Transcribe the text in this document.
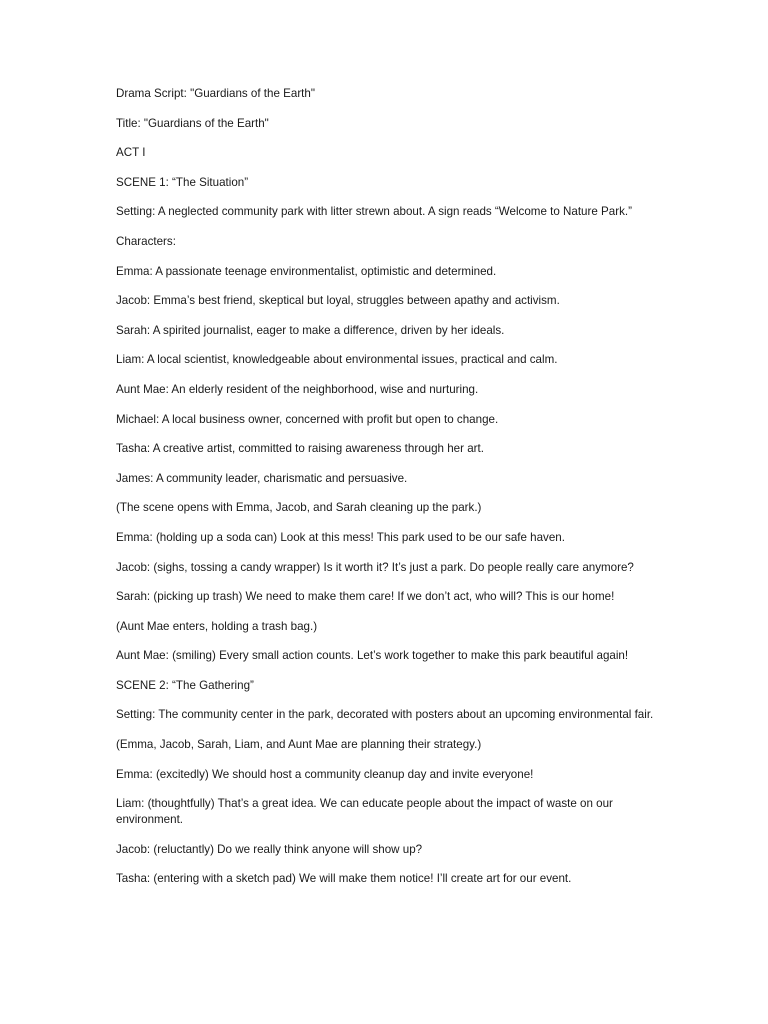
Drama Script: "Guardians of the Earth"

Title: "Guardians of the Earth"

ACT I

SCENE 1: “The Situation”

Setting: A neglected community park with litter strewn about. A sign reads “Welcome to Nature Park.”

Characters:

Emma: A passionate teenage environmentalist, optimistic and determined.

Jacob: Emma’s best friend, skeptical but loyal, struggles between apathy and activism.

Sarah: A spirited journalist, eager to make a difference, driven by her ideals.

Liam: A local scientist, knowledgeable about environmental issues, practical and calm.

Aunt Mae: An elderly resident of the neighborhood, wise and nurturing.

Michael: A local business owner, concerned with profit but open to change.

Tasha: A creative artist, committed to raising awareness through her art.

James: A community leader, charismatic and persuasive.

(The scene opens with Emma, Jacob, and Sarah cleaning up the park.)

Emma: (holding up a soda can) Look at this mess! This park used to be our safe haven.

Jacob: (sighs, tossing a candy wrapper) Is it worth it? It’s just a park. Do people really care anymore?

Sarah: (picking up trash) We need to make them care! If we don’t act, who will? This is our home!

(Aunt Mae enters, holding a trash bag.)

Aunt Mae: (smiling) Every small action counts. Let’s work together to make this park beautiful again!

SCENE 2: “The Gathering”

Setting: The community center in the park, decorated with posters about an upcoming environmental fair.

(Emma, Jacob, Sarah, Liam, and Aunt Mae are planning their strategy.)

Emma: (excitedly) We should host a community cleanup day and invite everyone!

Liam: (thoughtfully) That’s a great idea. We can educate people about the impact of waste on our environment.

Jacob: (reluctantly) Do we really think anyone will show up?

Tasha: (entering with a sketch pad) We will make them notice! I’ll create art for our event.
